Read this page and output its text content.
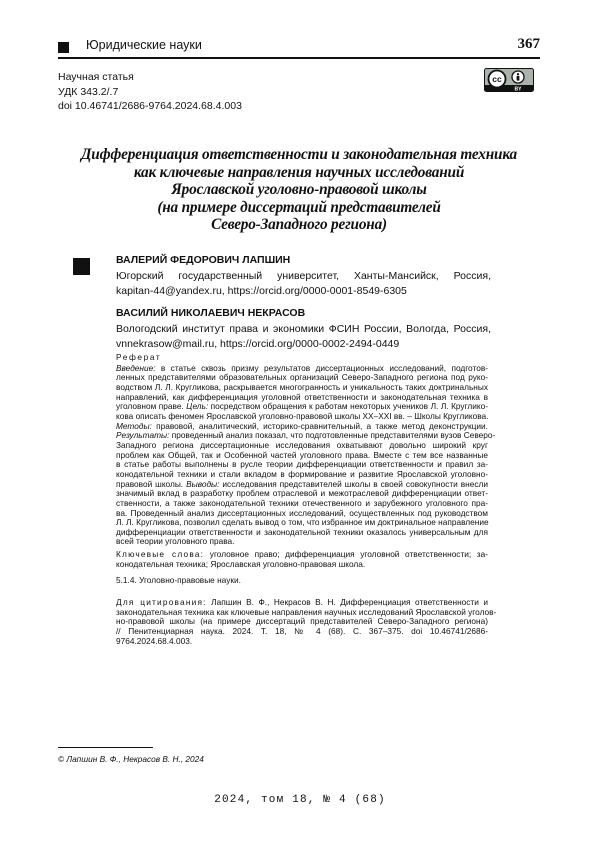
Юридические науки	367
Научная статья
УДК 343.2/.7
doi 10.46741/2686-9764.2024.68.4.003
cc
BY
Дифференциация ответственности и законодательная техника
как ключевые направления научных исследований
Ярославской уголовно-правовой школы
(на примере диссертаций представителей
Северо-Западного региона)
ВАЛЕРИЙ ФЕДОРОВИЧ ЛАПШИН
Югорский государственный университет, Ханты-Мансийск, Россия,
kapitan-44@yandex.ru, https://orcid.org/0000-0001-8549-6305
ВАСИЛИЙ НИКОЛАЕВИЧ НЕКРАСОВ
Вологодский институт права и экономики ФСИН России, Вологда, Россия,
vnnekrasow@mail.ru, https://orcid.org/0000-0002-2494-0449
Реферат
Введение: в статье сквозь призму результатов диссертационных исследований, подготов-
ленных представителями образовательных организаций Северо-Западного региона под руко-
водством Л. Л. Кругликова, раскрывается многогранность и уникальность таких доктринальных
направлений, как дифференциация уголовной ответственности и законодательная техника в
уголовном праве. Цель: посредством обращения к работам некоторых учеников Л. Л. Круглико-
кова описать феномен Ярославской уголовно-правовой школы XX–XXI вв. – Школы Кругликова.
Методы: правовой, аналитический, историко-сравнительный, а также метод деконструкции.
Результаты: проведенный анализ показал, что подготовленные представителями вузов Северо-
Западного региона диссертационные исследования охватывают довольно широкий круг
проблем как Общей, так и Особенной частей уголовного права. Вместе с тем все названные
в статье работы выполнены в русле теории дифференциации ответственности и правил за-
конодательной техники и стали вкладом в формирование и развитие Ярославской уголовно-
правовой школы. Выводы: исследования представителей школы в своей совокупности внесли
значимый вклад в разработку проблем отраслевой и межотраслевой дифференциации ответ-
ственности, а также законодательной техники отечественного и зарубежного уголовного пра-
ва. Проведенный анализ диссертационных исследований, осуществленных под руководством
Л. Л. Кругликова, позволил сделать вывод о том, что избранное им доктринальное направление
дифференциации ответственности и законодательной техники оказалось универсальным для
всей теории уголовного права.
Ключевые слова: уголовное право; дифференциация уголовной ответственности; за-
конодательная техника; Ярославская уголовно-правовая школа.
5.1.4. Уголовно-правовые науки.
Для цитирования: Лапшин В. Ф., Некрасов В. Н. Дифференциация ответственности и
законодательная техника как ключевые направления научных исследований Ярославской уголов-
но-правовой школы (на примере диссертаций представителей Северо-Западного региона)
// Пенитенциарная наука. 2024. Т. 18, № 4 (68). С. 367–375. doi 10.46741/2686-
9764.2024.68.4.003.
© Лапшин В. Ф., Некрасов В. Н., 2024
2024, том 18, № 4 (68)
